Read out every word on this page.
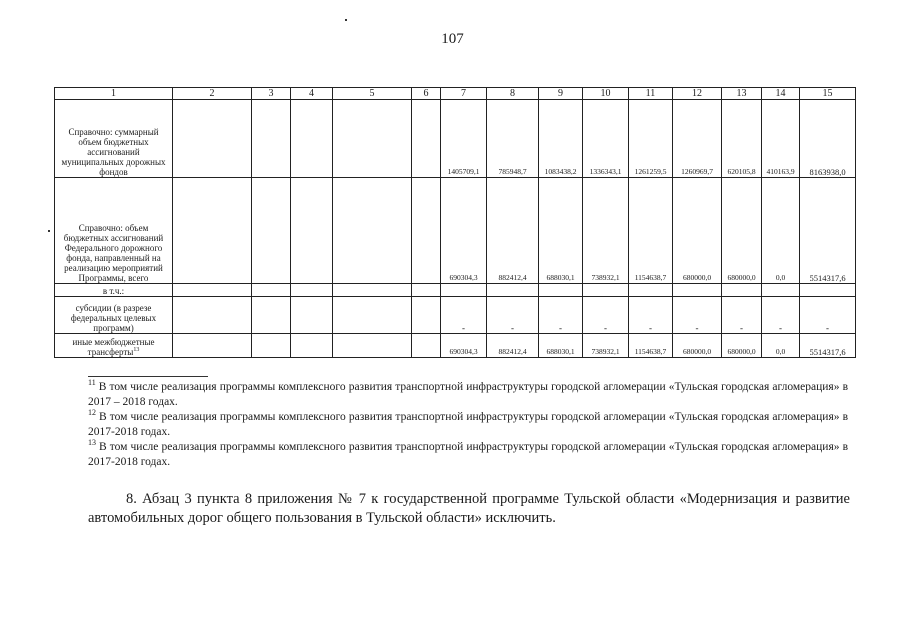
107
1	2	3	4	5	6	7	8	9	10	11	12	13	14	15
Справочно: суммарный объем бюджетных ассигнований муниципальных дорожных фондов						1405709,1	785948,7	1083438,2	1336343,1	1261259,5	1260969,7	620105,8	410163,9	8163938,0
Справочно: объем бюджетных ассигнований Федерального дорожного фонда, направленный на реализацию мероприятий Программы, всего						690304,3	882412,4	688030,1	738932,1	1154638,7	680000,0	680000,0	0,0	5514317,6
в т.ч.:														
субсидии (в разрезе федеральных целевых программ)						-	-	-	-	-	-	-	-	-
иные межбюджетные трансферты$^{13}$						690304,3	882412,4	688030,1	738932,1	1154638,7	680000,0	680000,0	0,0	5514317,6
$^{11}$ В том числе реализация программы комплексного развития транспортной инфраструктуры городской агломерации «Тульская городская агломерация» в 2017 – 2018 годах.
$^{12}$ В том числе реализация программы комплексного развития транспортной инфраструктуры городской агломерации «Тульская городская агломерация» в 2017-2018 годах.
$^{13}$ В том числе реализация программы комплексного развития транспортной инфраструктуры городской агломерации «Тульская городская агломерация» в 2017-2018 годах.
8. Абзац 3 пункта 8 приложения № 7 к государственной программе Тульской области «Модернизация и развитие автомобильных дорог общего пользования в Тульской области» исключить.
